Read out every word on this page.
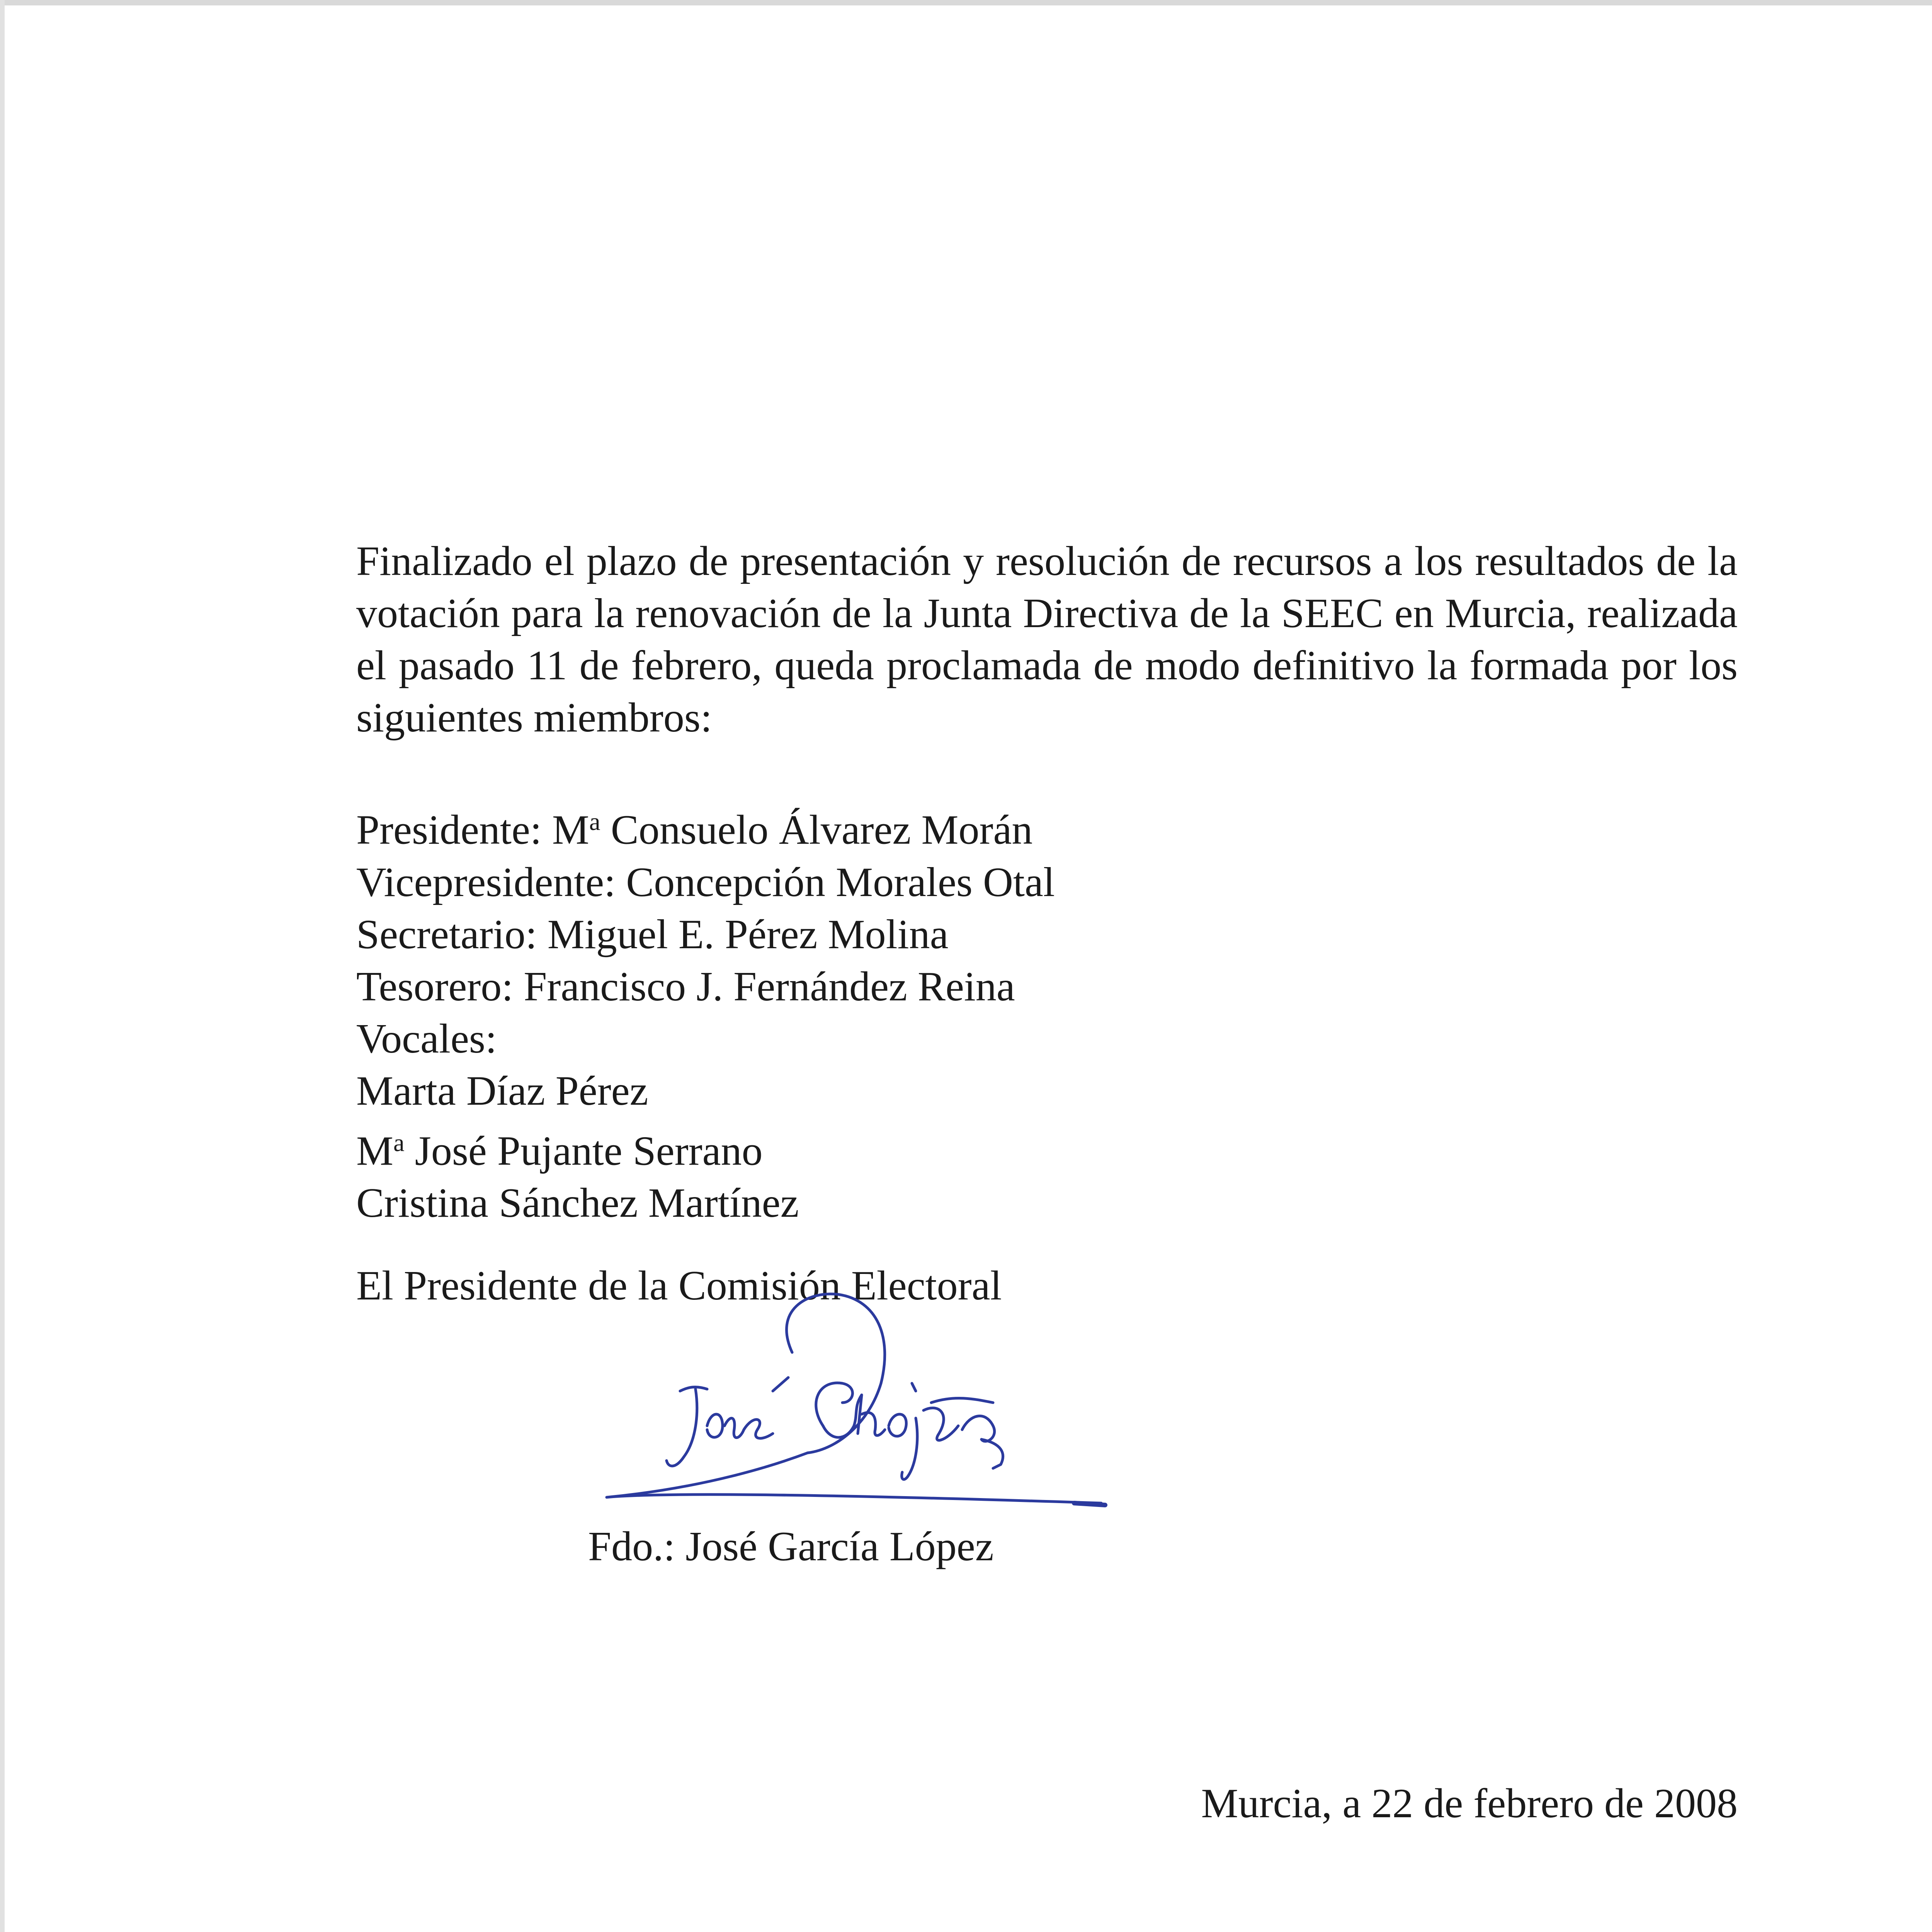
Finalizado el plazo de presentación y resolución de recursos a los resultados de la votación para la renovación de la Junta Directiva de la SEEC en Murcia, realizada el pasado 11 de febrero, queda proclamada de modo definitivo la formada por los siguientes miembros:

Presidente: $M^a$ Consuelo Álvarez Morán
Vicepresidente: Concepción Morales Otal
Secretario: Miguel E. Pérez Molina
Tesorero: Francisco J. Fernández Reina
Vocales:
Marta Díaz Pérez
$M^a$ José Pujante Serrano
Cristina Sánchez Martínez

El Presidente de la Comisión Electoral

Fdo.: José García López

Murcia, a 22 de febrero de 2008
